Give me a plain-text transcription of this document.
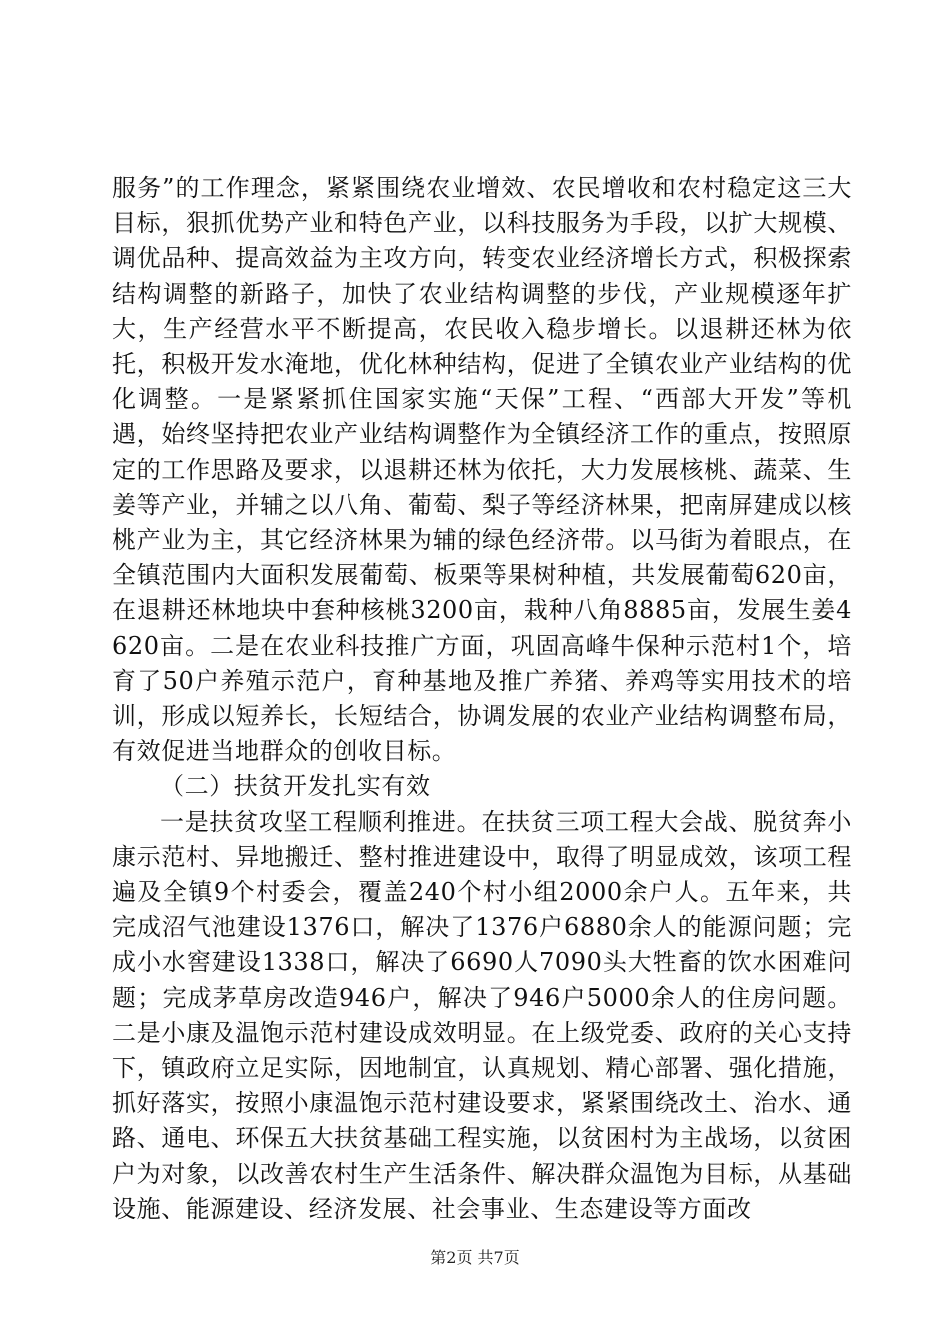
服务”的工作理念，紧紧围绕农业增效、农民增收和农村稳定这三大目标，狠抓优势产业和特色产业，以科技服务为手段，以扩大规模、调优品种、提高效益为主攻方向，转变农业经济增长方式，积极探索结构调整的新路子，加快了农业结构调整的步伐，产业规模逐年扩大，生产经营水平不断提高，农民收入稳步增长。以退耕还林为依托，积极开发水淹地，优化林种结构，促进了全镇农业产业结构的优化调整。一是紧紧抓住国家实施“天保”工程、“西部大开发”等机遇，始终坚持把农业产业结构调整作为全镇经济工作的重点，按照原定的工作思路及要求，以退耕还林为依托，大力发展核桃、蔬菜、生姜等产业，并辅之以八角、葡萄、梨子等经济林果，把南屏建成以核桃产业为主，其它经济林果为辅的绿色经济带。以马街为着眼点，在全镇范围内大面积发展葡萄、板栗等果树种植，共发展葡萄620亩，在退耕还林地块中套种核桃3200亩，栽种八角8885亩，发展生姜4620亩。二是在农业科技推广方面，巩固高峰牛保种示范村1个，培育了50户养殖示范户，育种基地及推广养猪、养鸡等实用技术的培训，形成以短养长，长短结合，协调发展的农业产业结构调整布局，有效促进当地群众的创收目标。

（二）扶贫开发扎实有效

一是扶贫攻坚工程顺利推进。在扶贫三项工程大会战、脱贫奔小康示范村、异地搬迁、整村推进建设中，取得了明显成效，该项工程遍及全镇9个村委会，覆盖240个村小组2000余户人。五年来，共完成沼气池建设1376口，解决了1376户6880余人的能源问题；完成小水窖建设1338口，解决了6690人7090头大牲畜的饮水困难问题；完成茅草房改造946户，解决了946户5000余人的住房问题。二是小康及温饱示范村建设成效明显。在上级党委、政府的关心支持下，镇政府立足实际，因地制宜，认真规划、精心部署、强化措施，抓好落实，按照小康温饱示范村建设要求，紧紧围绕改土、治水、通路、通电、环保五大扶贫基础工程实施，以贫困村为主战场，以贫困户为对象，以改善农村生产生活条件、解决群众温饱为目标，从基础设施、能源建设、经济发展、社会事业、生态建设等方面改

第2页 共7页
